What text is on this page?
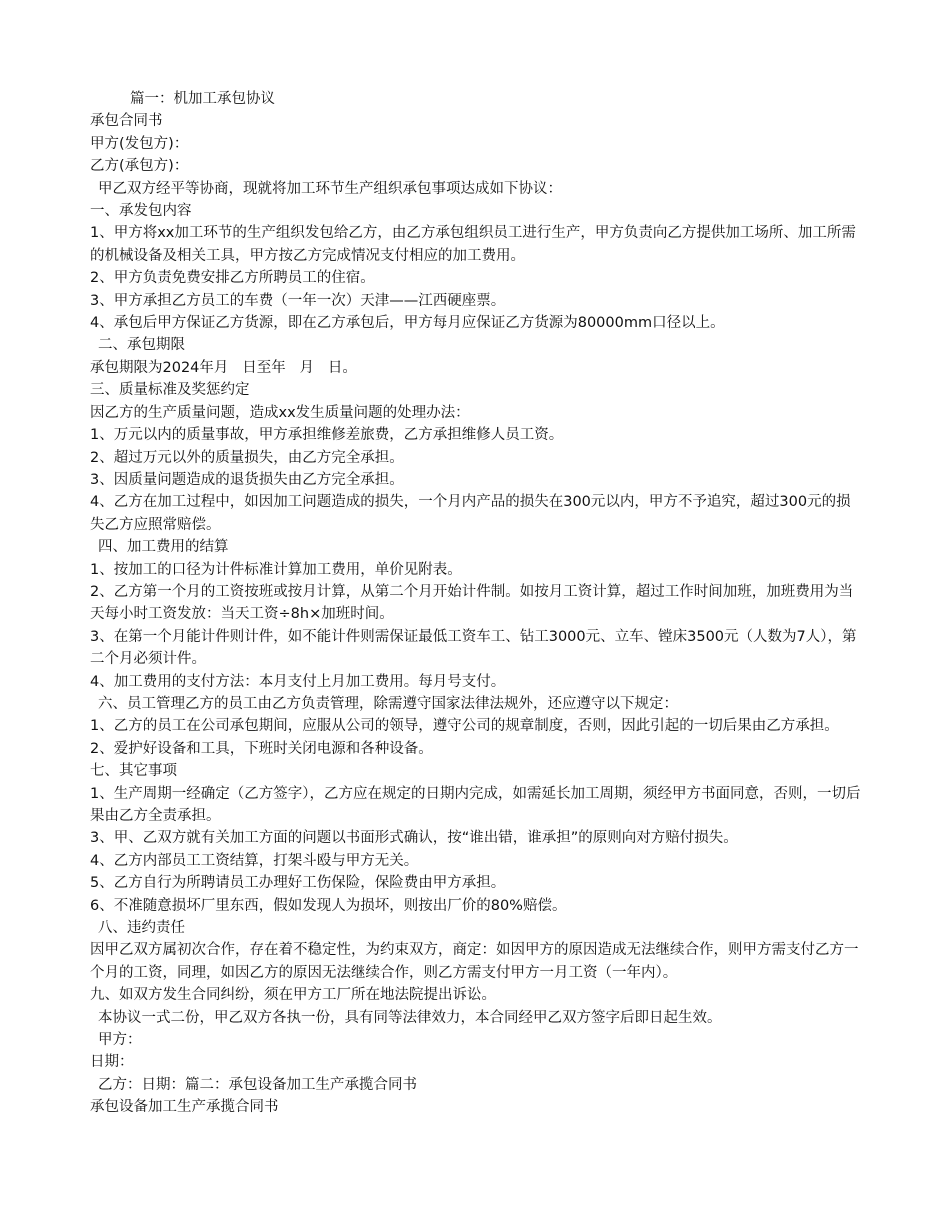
篇一：机加工承包协议
承包合同书
甲方(发包方)：
乙方(承包方)：
甲乙双方经平等协商，现就将加工环节生产组织承包事项达成如下协议：
一、承发包内容
1、甲方将xx加工环节的生产组织发包给乙方，由乙方承包组织员工进行生产，甲方负责向乙方提供加工场所、加工所需的机械设备及相关工具，甲方按乙方完成情况支付相应的加工费用。
2、甲方负责免费安排乙方所聘员工的住宿。
3、甲方承担乙方员工的车费（一年一次）天津——江西硬座票。
4、承包后甲方保证乙方货源，即在乙方承包后，甲方每月应保证乙方货源为80000mm口径以上。
二、承包期限
承包期限为2024年月   日至年   月   日。
三、质量标准及奖惩约定
因乙方的生产质量问题，造成xx发生质量问题的处理办法：
1、万元以内的质量事故，甲方承担维修差旅费，乙方承担维修人员工资。
2、超过万元以外的质量损失，由乙方完全承担。
3、因质量问题造成的退货损失由乙方完全承担。
4、乙方在加工过程中，如因加工问题造成的损失，一个月内产品的损失在300元以内，甲方不予追究，超过300元的损失乙方应照常赔偿。
四、加工费用的结算
1、按加工的口径为计件标准计算加工费用，单价见附表。
2、乙方第一个月的工资按班或按月计算，从第二个月开始计件制。如按月工资计算，超过工作时间加班，加班费用为当天每小时工资发放：当天工资÷8h×加班时间。
3、在第一个月能计件则计件，如不能计件则需保证最低工资车工、钻工3000元、立车、镗床3500元（人数为7人），第二个月必须计件。
4、加工费用的支付方法：本月支付上月加工费用。每月号支付。
六、员工管理乙方的员工由乙方负责管理，除需遵守国家法律法规外，还应遵守以下规定：
1、乙方的员工在公司承包期间，应服从公司的领导，遵守公司的规章制度，否则，因此引起的一切后果由乙方承担。
2、爱护好设备和工具，下班时关闭电源和各种设备。
七、其它事项
1、生产周期一经确定（乙方签字），乙方应在规定的日期内完成，如需延长加工周期，须经甲方书面同意，否则，一切后果由乙方全责承担。
3、甲、乙双方就有关加工方面的问题以书面形式确认，按“谁出错，谁承担”的原则向对方赔付损失。
4、乙方内部员工工资结算，打架斗殴与甲方无关。
5、乙方自行为所聘请员工办理好工伤保险，保险费由甲方承担。
6、不准随意损坏厂里东西，假如发现人为损坏，则按出厂价的80%赔偿。
八、违约责任
因甲乙双方属初次合作，存在着不稳定性，为约束双方，商定：如因甲方的原因造成无法继续合作，则甲方需支付乙方一个月的工资，同理，如因乙方的原因无法继续合作，则乙方需支付甲方一月工资（一年内）。
九、如双方发生合同纠纷，须在甲方工厂所在地法院提出诉讼。
本协议一式二份，甲乙双方各执一份，具有同等法律效力，本合同经甲乙双方签字后即日起生效。
甲方：
日期：
乙方：日期：篇二：承包设备加工生产承揽合同书
承包设备加工生产承揽合同书
